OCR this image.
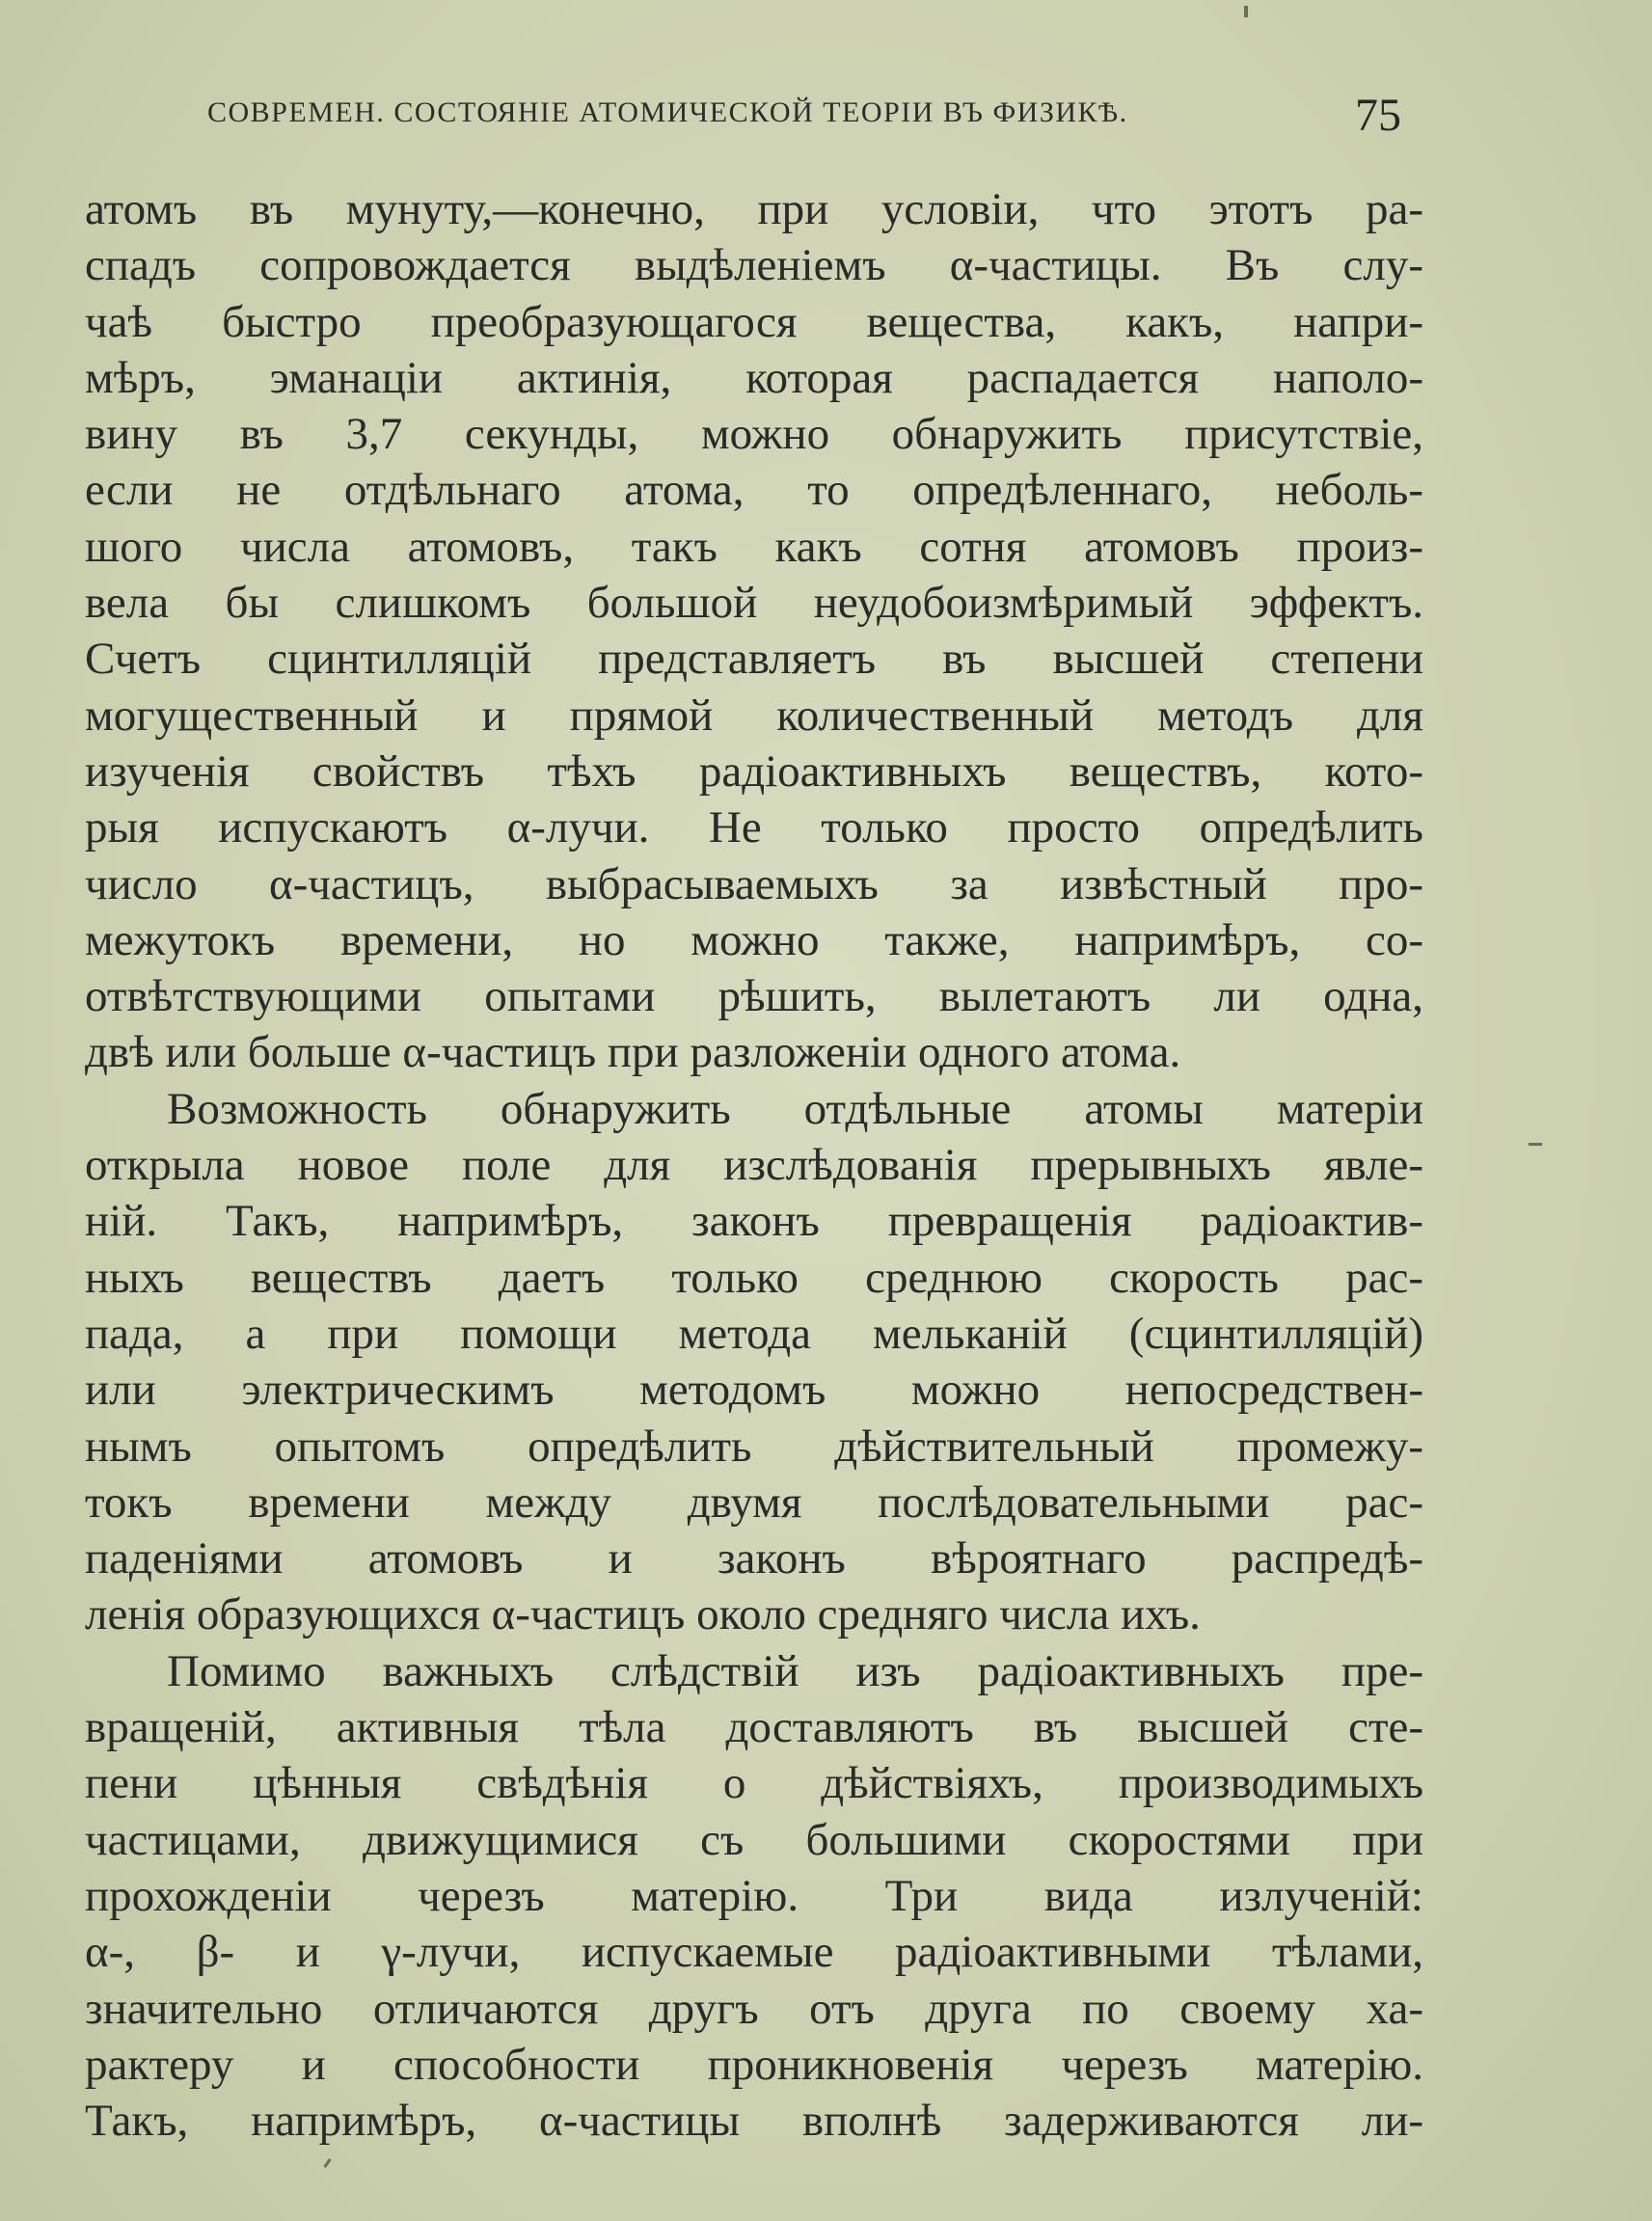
СОВРЕМЕН. СОСТОЯНІЕ АТОМИЧЕСКОЙ ТЕОРІИ ВЪ ФИЗИКѢ.	75
атомъ въ мунуту,—конечно, при условіи, что этотъ ра-
спадъ сопровождается выдѣленіемъ α-частицы. Въ слу-
чаѣ быстро преобразующагося вещества, какъ, напри-
мѣръ, эманаціи актинія, которая распадается наполо-
вину въ 3,7 секунды, можно обнаружить присутствіе,
если не отдѣльнаго атома, то опредѣленнаго, неболь-
шого числа атомовъ, такъ какъ сотня атомовъ произ-
вела бы слишкомъ большой неудобоизмѣримый эффектъ.
Счетъ сцинтилляцій представляетъ въ высшей степени
могущественный и прямой количественный методъ для
изученія свойствъ тѣхъ радіоактивныхъ веществъ, кото-
рыя испускаютъ α-лучи. Не только просто опредѣлить
число α-частицъ, выбрасываемыхъ за извѣстный про-
межутокъ времени, но можно также, напримѣръ, со-
отвѣтствующими опытами рѣшить, вылетаютъ ли одна,
двѣ или больше α-частицъ при разложеніи одного атома.
Возможность обнаружить отдѣльные атомы матеріи
открыла новое поле для изслѣдованія прерывныхъ явле-
ній. Такъ, напримѣръ, законъ превращенія радіоактив-
ныхъ веществъ даетъ только среднюю скорость рас-
пада, а при помощи метода мельканій (сцинтилляцій)
или электрическимъ методомъ можно непосредствен-
нымъ опытомъ опредѣлить дѣйствительный промежу-
токъ времени между двумя послѣдовательными рас-
паденіями атомовъ и законъ вѣроятнаго распредѣ-
ленія образующихся α-частицъ около средняго числа ихъ.
Помимо важныхъ слѣдствій изъ радіоактивныхъ пре-
вращеній, активныя тѣла доставляютъ въ высшей сте-
пени цѣнныя свѣдѣнія о дѣйствіяхъ, производимыхъ
частицами, движущимися съ большими скоростями при
прохожденіи черезъ матерію. Три вида излученій:
α-, β- и γ-лучи, испускаемые радіоактивными тѣлами,
значительно отличаются другъ отъ друга по своему ха-
рактеру и способности проникновенія черезъ матерію.
Такъ, напримѣръ, α-частицы вполнѣ задерживаются ли-
